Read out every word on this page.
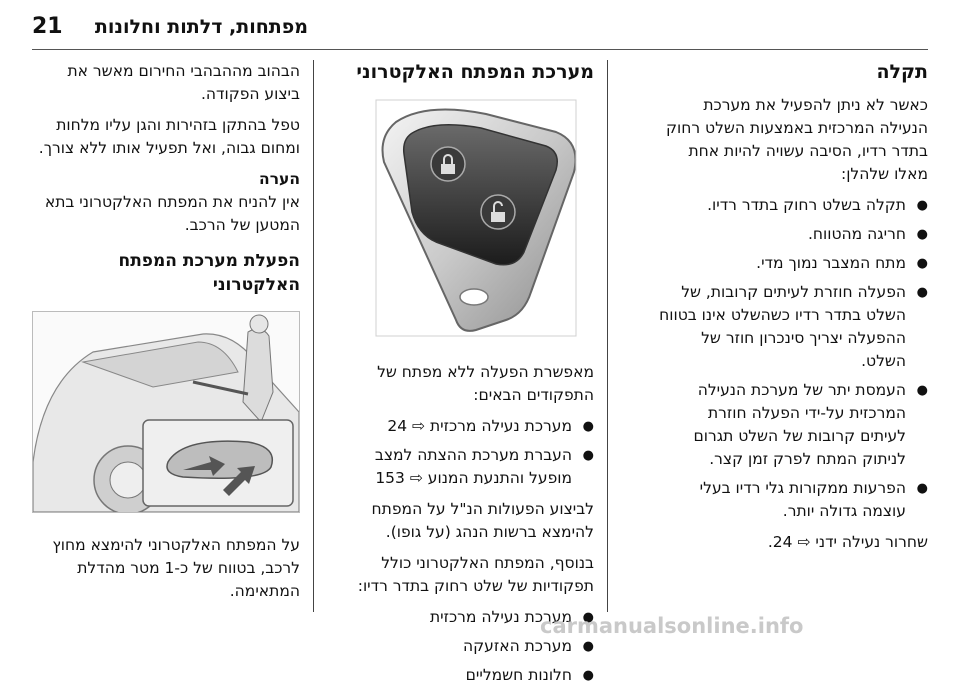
21 מפתחות, דלתות וחלונות
תקלה

כאשר לא ניתן להפעיל את מערכת הנעילה המרכזית באמצעות השלט רחוק בתדר רדיו, הסיבה עשויה להיות אחת מאלו שלהלן:

● תקלה בשלט רחוק בתדר רדיו.
● חריגה מהטווח.
● מתח המצבר נמוך מדי.
● הפעלה חוזרת לעיתים קרובות, של השלט בתדר רדיו כשהשלט אינו בטווח ההפעלה יצריך סינכרון חוזר של השלט.
● העמסת יתר של מערכת הנעילה המרכזית על-ידי הפעלה חוזרת לעיתים קרובות של השלט תגרום לניתוק המתח לפרק זמן קצר.
● הפרעות ממקורות גלי רדיו בעלי עוצמה גדולה יותר.

שחרור נעילה ידני ⇨ 24.

מערכת המפתח האלקטרוני

מאפשרת הפעלה ללא מפתח של התפקודים הבאים:

● מערכת נעילה מרכזית ⇨ 24
● העברת מערכת ההצתה למצב מופעל והתנעת המנוע ⇨ 153

לביצוע הפעולות הנ"ל על המפתח להימצא ברשות הנהג (על גופו).

בנוסף, המפתח האלקטרוני כולל תפקודיות של שלט רחוק בתדר רדיו:

● מערכת נעילה מרכזית
● מערכת האזעקה
● חלונות חשמליים

הבהוב מההבהבי החירום מאשר את ביצוע הפקודה.

טפל בהתקן בזהירות והגן עליו מלחות ומחום גבוה, ואל תפעיל אותו ללא צורך.

הערה

אין להניח את המפתח האלקטרוני בתא המטען של הרכב.

הפעלת מערכת המפתח האלקטרוני

על המפתח האלקטרוני להימצא מחוץ לרכב, בטווח של כ-1 מטר מהדלת המתאימה.

carmanualsonline.info
